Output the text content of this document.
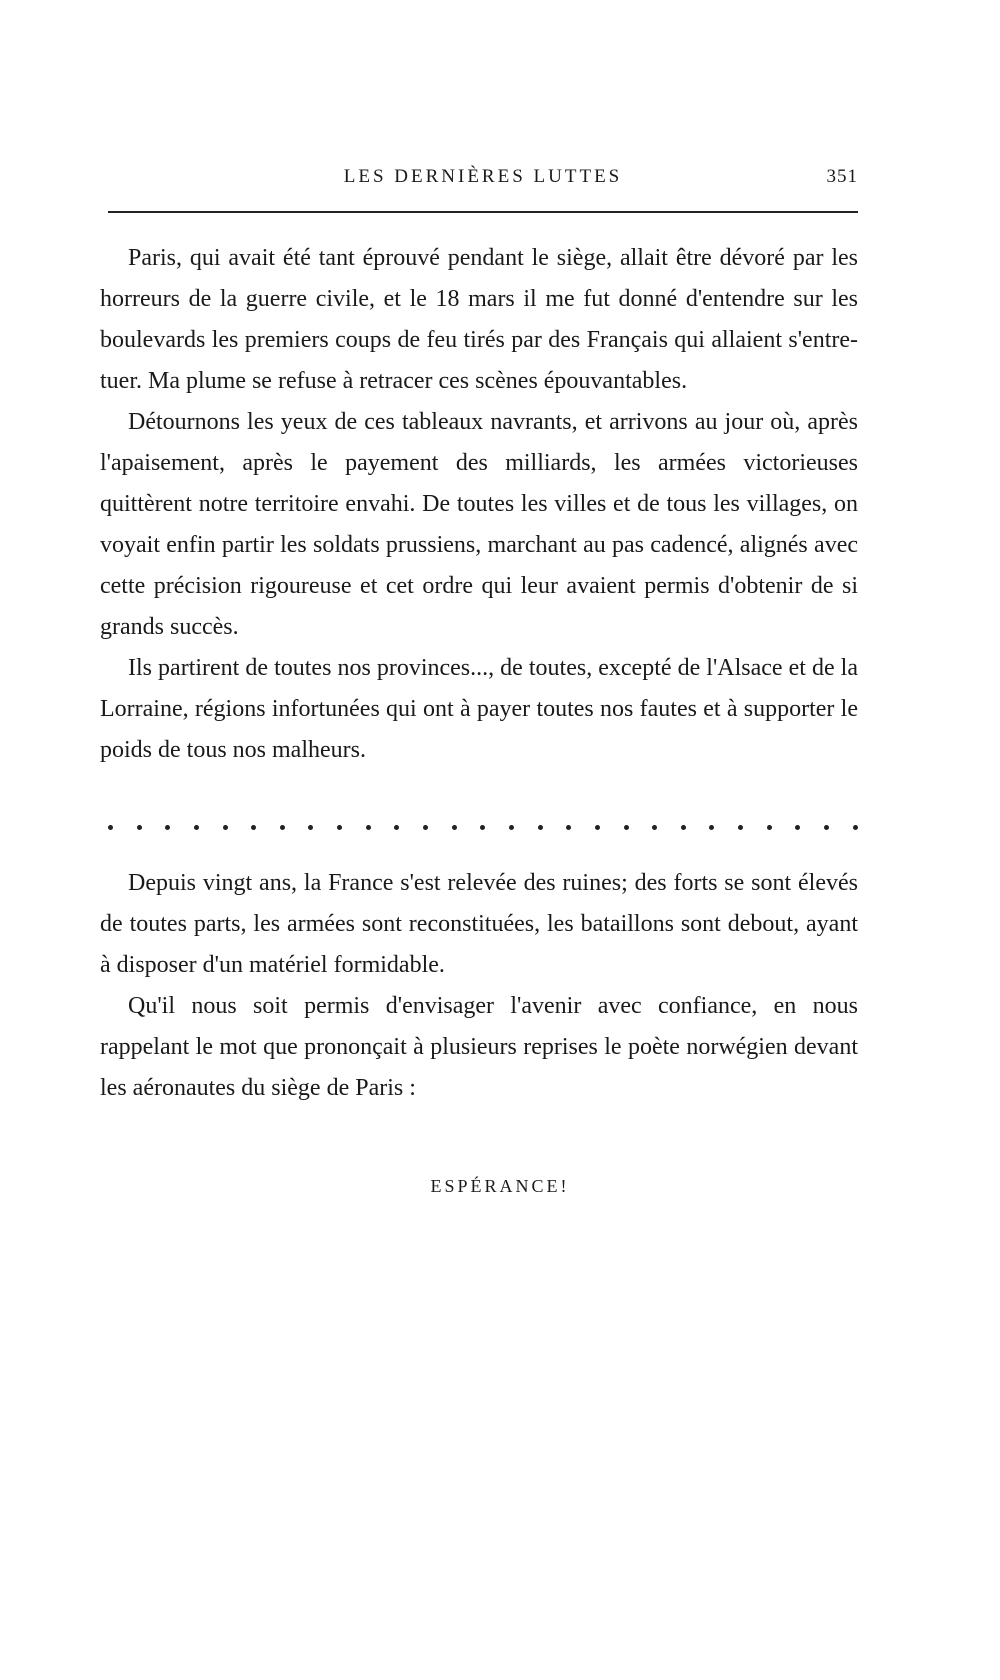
LES DERNIÈRES LUTTES	351

Paris, qui avait été tant éprouvé pendant le siège, allait être dévoré par les horreurs de la guerre civile, et le 18 mars il me fut donné d'entendre sur les boulevards les premiers coups de feu tirés par des Français qui allaient s'entre-tuer. Ma plume se refuse à retracer ces scènes épouvantables.

Détournons les yeux de ces tableaux navrants, et arrivons au jour où, après l'apaisement, après le payement des milliards, les armées victorieuses quittèrent notre territoire envahi. De toutes les villes et de tous les villages, on voyait enfin partir les soldats prussiens, marchant au pas cadencé, alignés avec cette précision rigoureuse et cet ordre qui leur avaient permis d'obtenir de si grands succès.

Ils partirent de toutes nos provinces..., de toutes, excepté de l'Alsace et de la Lorraine, régions infortunées qui ont à payer toutes nos fautes et à supporter le poids de tous nos malheurs.

Depuis vingt ans, la France s'est relevée des ruines; des forts se sont élevés de toutes parts, les armées sont reconstituées, les bataillons sont debout, ayant à disposer d'un matériel formidable.

Qu'il nous soit permis d'envisager l'avenir avec confiance, en nous rappelant le mot que prononçait à plusieurs reprises le poète norwégien devant les aéronautes du siège de Paris :

ESPÉRANCE!
